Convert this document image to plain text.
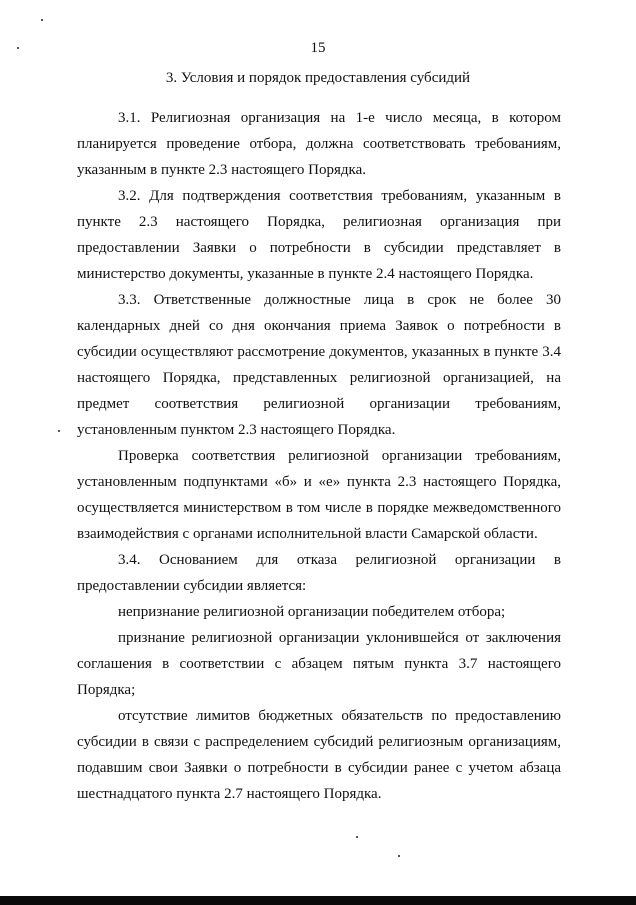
15
3. Условия и порядок предоставления субсидий

3.1. Религиозная организация на 1-е число месяца, в котором планируется проведение отбора, должна соответствовать требованиям, указанным в пункте 2.3 настоящего Порядка.

3.2. Для подтверждения соответствия требованиям, указанным в пункте 2.3 настоящего Порядка, религиозная организация при предоставлении Заявки о потребности в субсидии представляет в министерство документы, указанные в пункте 2.4 настоящего Порядка.

3.3. Ответственные должностные лица в срок не более 30 календарных дней со дня окончания приема Заявок о потребности в субсидии осуществляют рассмотрение документов, указанных в пункте 3.4 настоящего Порядка, представленных религиозной организацией, на предмет соответствия религиозной организации требованиям, установленным пунктом 2.3 настоящего Порядка.

Проверка соответствия религиозной организации требованиям, установленным подпунктами «б» и «е» пункта 2.3 настоящего Порядка, осуществляется министерством в том числе в порядке межведомственного взаимодействия с органами исполнительной власти Самарской области.

3.4. Основанием для отказа религиозной организации в предоставлении субсидии является:

непризнание религиозной организации победителем отбора;

признание религиозной организации уклонившейся от заключения соглашения в соответствии с абзацем пятым пункта 3.7 настоящего Порядка;

отсутствие лимитов бюджетных обязательств по предоставлению субсидии в связи с распределением субсидий религиозным организациям, подавшим свои Заявки о потребности в субсидии ранее с учетом абзаца шестнадцатого пункта 2.7 настоящего Порядка.
